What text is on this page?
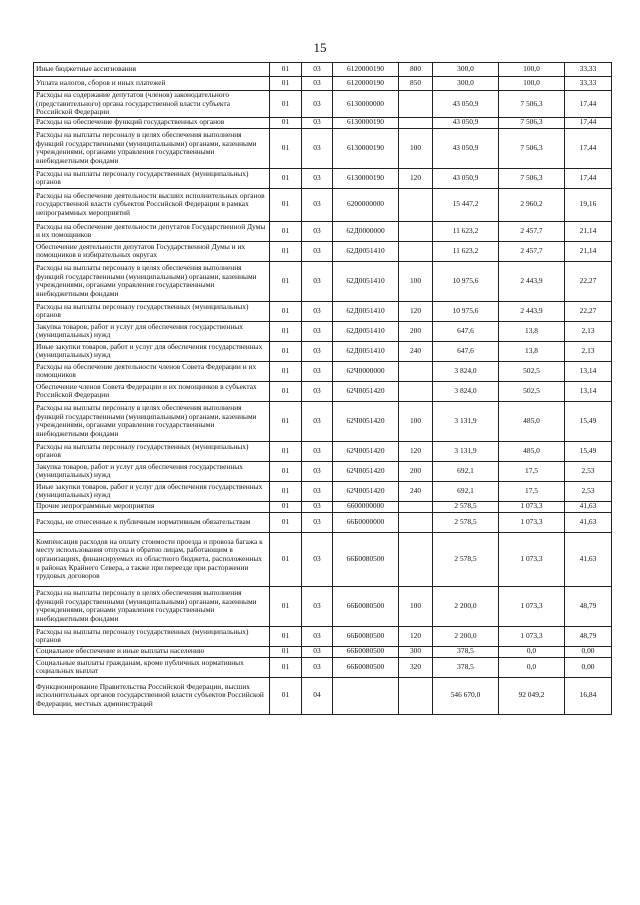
15
Иные бюджетные ассигнования	01	03	6120000190	800	300,0	100,0	33,33
Уплата налогов, сборов и иных платежей	01	03	6120000190	850	300,0	100,0	33,33
Расходы на содержание депутатов (членов) законодательного (представительного) органа государственной власти субъекта Российской Федерации	01	03	6130000000		43 050,9	7 506,3	17,44
Расходы на обеспечение функций государственных органов	01	03	6130000190		43 050,9	7 506,3	17,44
Расходы на выплаты персоналу в целях обеспечения выполнения функций государственными (муниципальными) органами, казенными учреждениями, органами управления государственными внебюджетными фондами	01	03	6130000190	100	43 050,9	7 506,3	17,44
Расходы на выплаты персоналу государственных (муниципальных) органов	01	03	6130000190	120	43 050,9	7 506,3	17,44
Расходы на обеспечение деятельности высших исполнительных органов государственной власти субъектов Российской Федерации в рамках непрограммных мероприятий	01	03	6200000000		15 447,2	2 960,2	19,16
Расходы на обеспечение деятельности депутатов Государственной Думы и их помощников	01	03	62Д0000000		11 623,2	2 457,7	21,14
Обеспечение деятельности депутатов Государственной Думы и их помощников в избирательных округах	01	03	62Д0051410		11 623,2	2 457,7	21,14
Расходы на выплаты персоналу в целях обеспечения выполнения функций государственными (муниципальными) органами, казенными учреждениями, органами управления государственными внебюджетными фондами	01	03	62Д0051410	100	10 975,6	2 443,9	22,27
Расходы на выплаты персоналу государственных (муниципальных) органов	01	03	62Д0051410	120	10 975,6	2 443,9	22,27
Закупка товаров, работ и услуг для обеспечения государственных (муниципальных) нужд	01	03	62Д0051410	200	647,6	13,8	2,13
Иные закупки товаров, работ и услуг для обеспечения государственных (муниципальных) нужд	01	03	62Д0051410	240	647,6	13,8	2,13
Расходы на обеспечение деятельности членов Совета Федерации и их помощников	01	03	62Ч0000000		3 824,0	502,5	13,14
Обеспечение членов Совета Федерации и их помощников в субъектах Российской Федерации	01	03	62Ч0051420		3 824,0	502,5	13,14
Расходы на выплаты персоналу в целях обеспечения выполнения функций государственными (муниципальными) органами, казенными учреждениями, органами управления государственными внебюджетными фондами	01	03	62Ч0051420	100	3 131,9	485,0	15,49
Расходы на выплаты персоналу государственных (муниципальных) органов	01	03	62Ч0051420	120	3 131,9	485,0	15,49
Закупка товаров, работ и услуг для обеспечения государственных (муниципальных) нужд	01	03	62Ч0051420	200	692,1	17,5	2,53
Иные закупки товаров, работ и услуг для обеспечения государственных (муниципальных) нужд	01	03	62Ч0051420	240	692,1	17,5	2,53
Прочие непрограммные мероприятия	01	03	6600000000		2 578,5	1 073,3	41,63
Расходы, не отнесенные к публичным нормативным обязательствам	01	03	66Б0000000		2 578,5	1 073,3	41,63
Компенсация расходов на оплату стоимости проезда и провоза багажа к месту использования отпуска и обратно лицам, работающим в организациях, финансируемых из областного бюджета, расположенных в районах Крайнего Севера, а также при переезде при расторжении трудовых договоров	01	03	66Б0080500		2 578,5	1 073,3	41,63
Расходы на выплаты персоналу в целях обеспечения выполнения функций государственными (муниципальными) органами, казенными учреждениями, органами управления государственными внебюджетными фондами	01	03	66Б0080500	100	2 200,0	1 073,3	48,79
Расходы на выплаты персоналу государственных (муниципальных) органов	01	03	66Б0080500	120	2 200,0	1 073,3	48,79
Социальное обеспечение и иные выплаты населению	01	03	66Б0080500	300	378,5	0,0	0,00
Социальные выплаты гражданам, кроме публичных нормативных социальных выплат	01	03	66Б0080500	320	378,5	0,0	0,00
Функционирование Правительства Российской Федерации, высших исполнительных органов государственной власти субъектов Российской Федерации, местных администраций	01	04			546 670,0	92 049,2	16,84
